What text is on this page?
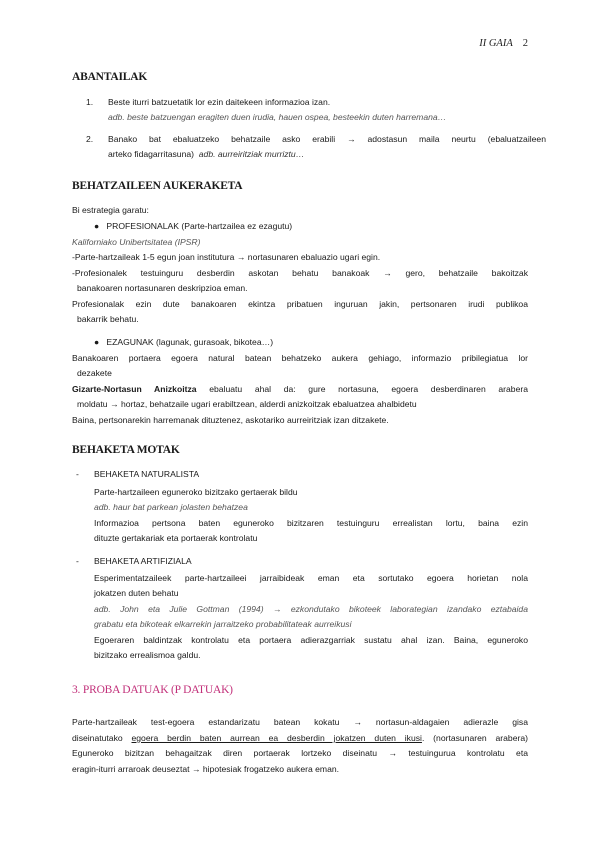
II GAIA 2
ABANTAILAK
1.	Beste iturri batzuetatik lor ezin daitekeen informazioa izan.
adb. beste batzuengan eragiten duen irudia, hauen ospea, besteekin duten harremana…
2.	Banako bat ebaluatzeko behatzaile asko erabili → adostasun maila neurtu (ebaluatzaileen
arteko fidagarritasuna) adb. aurreiritziak murriztu…
BEHATZAILEEN AUKERAKETA
Bi estrategia garatu:
● PROFESIONALAK (Parte-hartzailea ez ezagutu)
Kaliforniako Unibertsitatea (IPSR)
-Parte-hartzaileak 1-5 egun joan institutura → nortasunaren ebaluazio ugari egin.
-Profesionalek testuinguru desberdin askotan behatu banakoak → gero, behatzaile bakoitzak
banakoaren nortasunaren deskripzioa eman.
Profesionalak ezin dute banakoaren ekintza pribatuen inguruan jakin, pertsonaren irudi publikoa
bakarrik behatu.
● EZAGUNAK (lagunak, gurasoak, bikotea…)
Banakoaren portaera egoera natural batean behatzeko aukera gehiago, informazio pribilegiatua lor
dezakete
Gizarte-Nortasun Anizkoitza ebaluatu ahal da: gure nortasuna, egoera desberdinaren arabera
moldatu → hortaz, behatzaile ugari erabiltzean, alderdi anizkoitzak ebaluatzea ahalbidetu
Baina, pertsonarekin harremanak dituztenez, askotariko aurreiritziak izan ditzakete.
BEHAKETA MOTAK
- BEHAKETA NATURALISTA
Parte-hartzaileen eguneroko bizitzako gertaerak bildu
adb. haur bat parkean jolasten behatzea
Informazioa pertsona baten eguneroko bizitzaren testuinguru errealistan lortu, baina ezin
dituzte gertakariak eta portaerak kontrolatu
- BEHAKETA ARTIFIZIALA
Esperimentatzaileek parte-hartzaileei jarraibideak eman eta sortutako egoera horietan nola
jokatzen duten behatu
adb. John eta Julie Gottman (1994) → ezkondutako bikoteek laborategian izandako eztabaida
grabatu eta bikoteak elkarrekin jarraitzeko probabilitateak aurreikusi
Egoeraren baldintzak kontrolatu eta portaera adierazgarriak sustatu ahal izan. Baina, eguneroko
bizitzako errealismoa galdu.
3. PROBA DATUAK (P DATUAK)
Parte-hartzaileak test-egoera estandarizatu batean kokatu → nortasun-aldagaien adierazle gisa
diseinatutako egoera berdin baten aurrean ea desberdin jokatzen duten ikusi. (nortasunaren arabera)
Eguneroko bizitzan behagaitzak diren portaerak lortzeko diseinatu → testuingurua kontrolatu eta
eragin-iturri arraroak deuseztat → hipotesiak frogatzeko aukera eman.
